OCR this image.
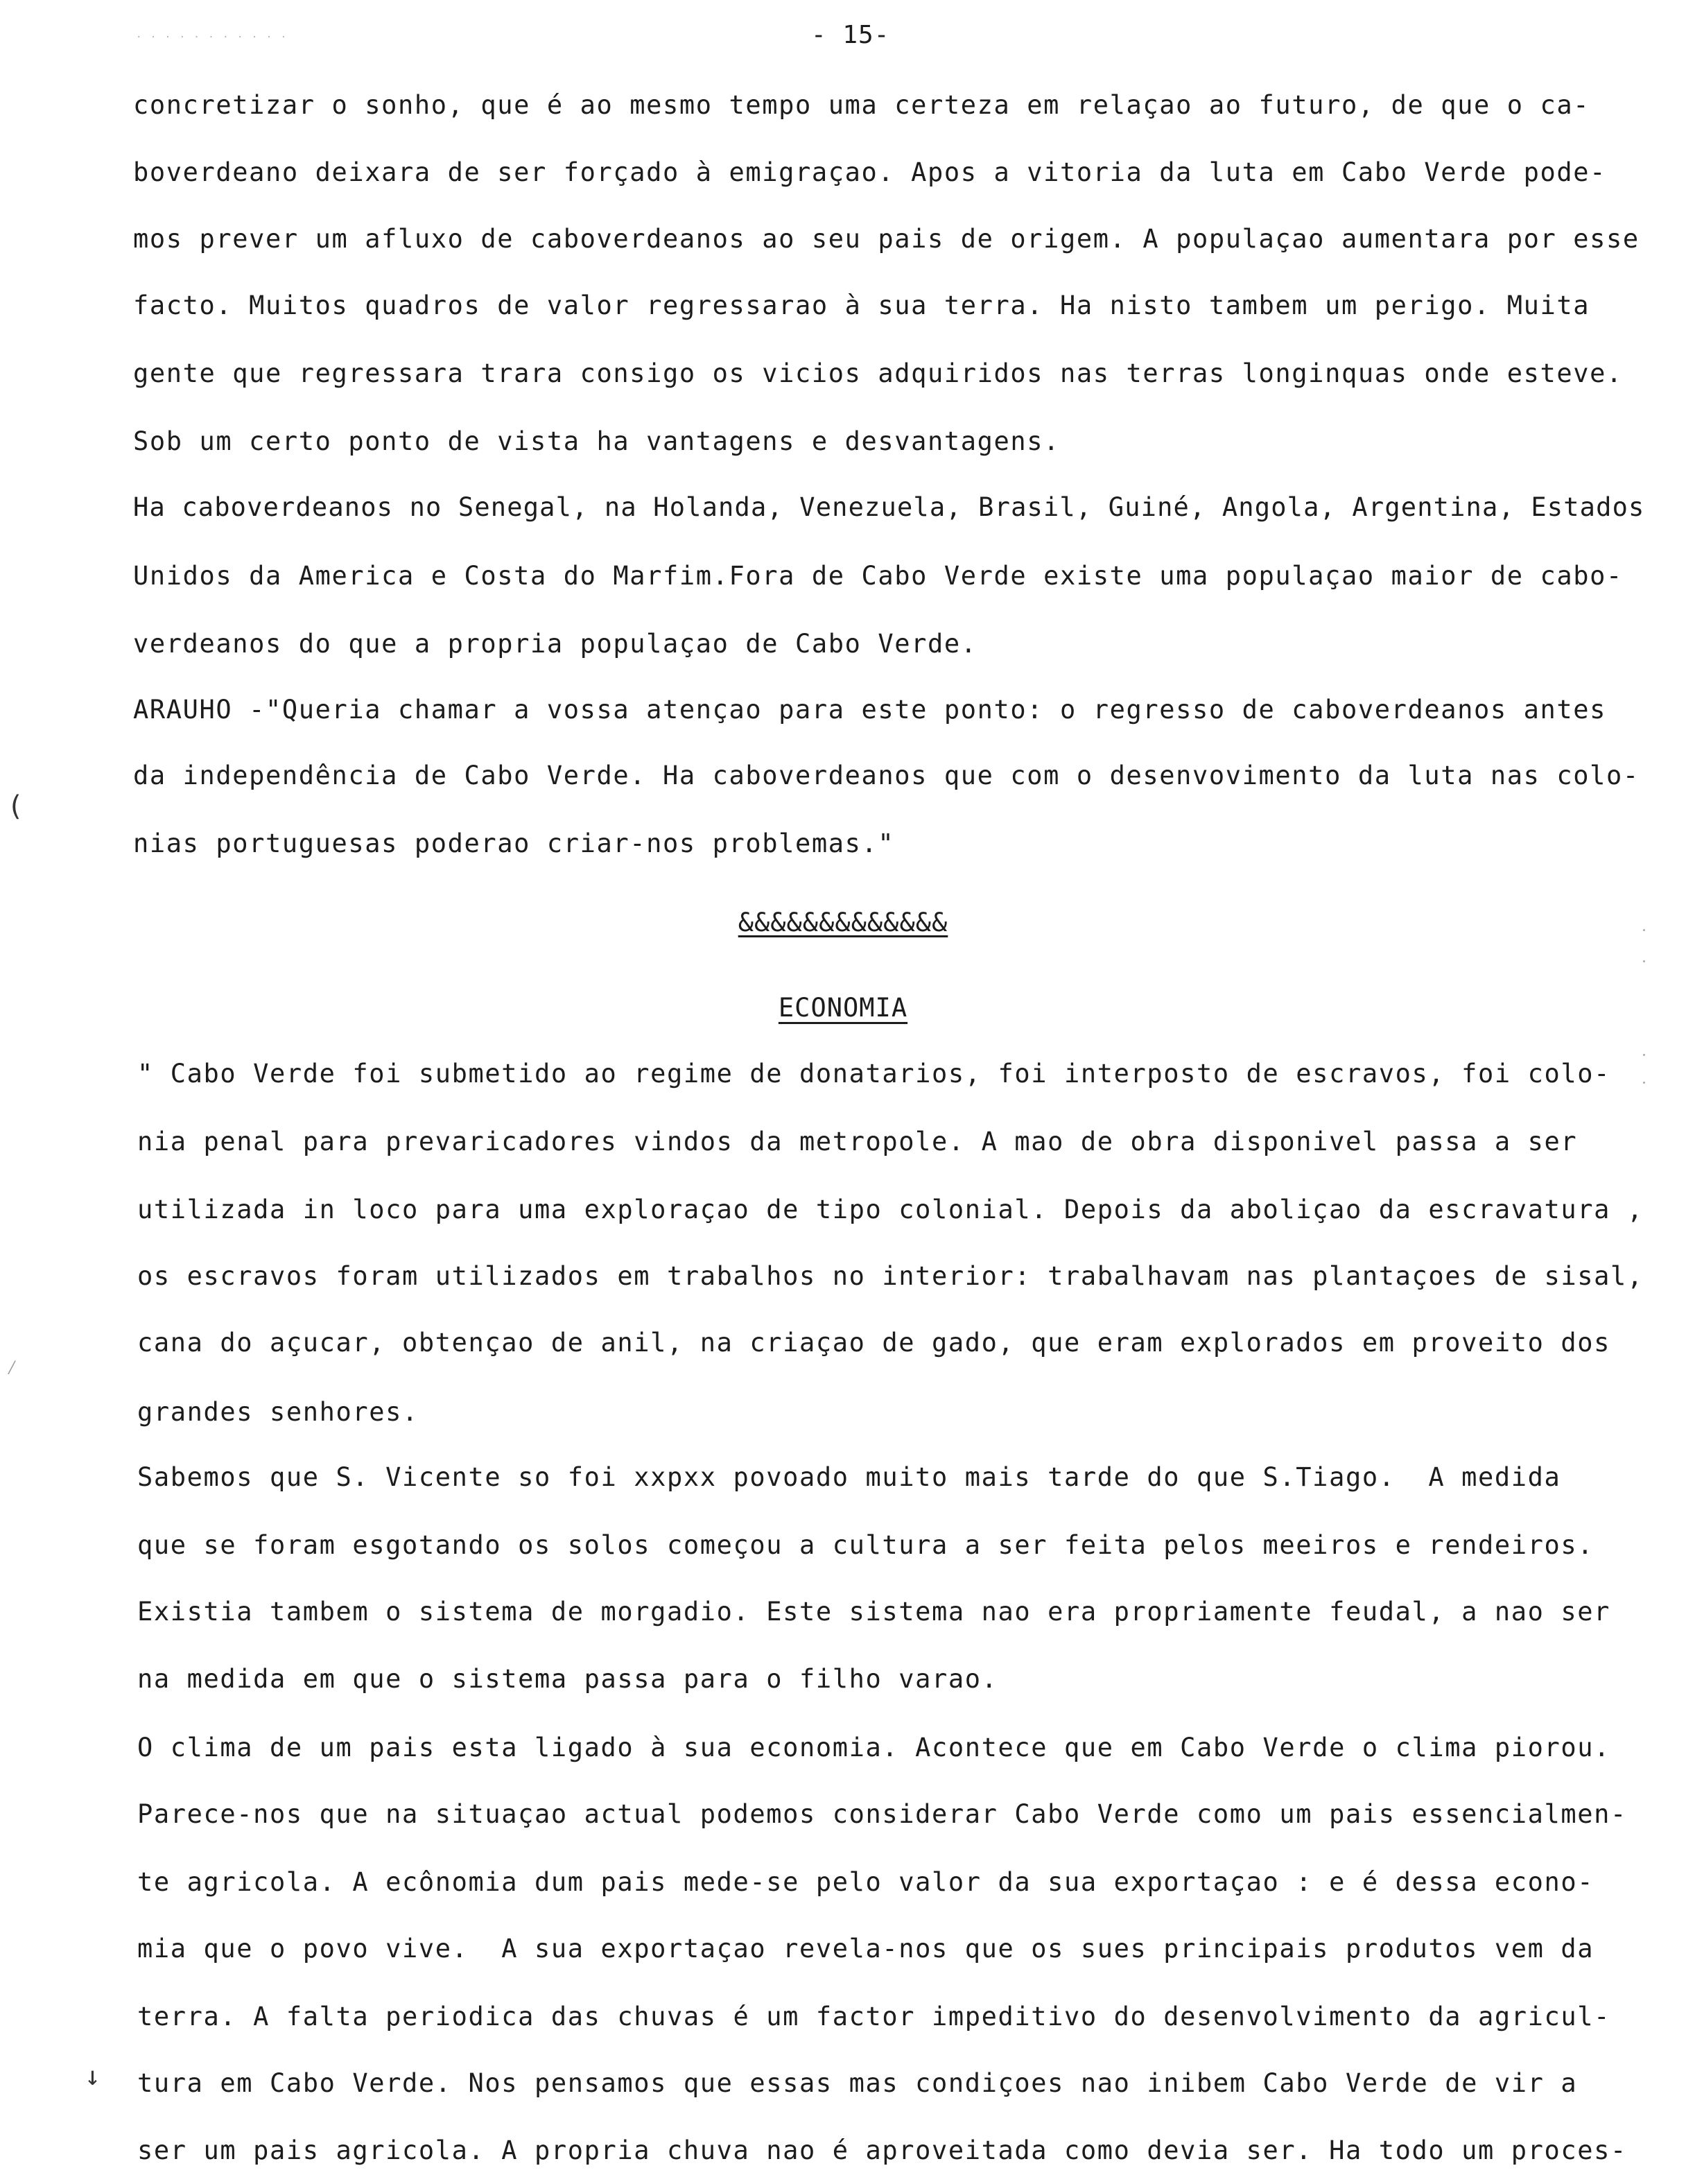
· · · · · · · · · · ·	- 15-
(
⁄
↓
concretizar o sonho, que é ao mesmo tempo uma certeza em relaçao ao futuro, de que o ca-
boverdeano deixara de ser forçado à emigraçao. Apos a vitoria da luta em Cabo Verde pode-
mos prever um afluxo de caboverdeanos ao seu pais de origem. A populaçao aumentara por esse
facto. Muitos quadros de valor regressarao à sua terra. Ha nisto tambem um perigo. Muita
gente que regressara trara consigo os vicios adquiridos nas terras longinquas onde esteve.
Sob um certo ponto de vista ha vantagens e desvantagens.
Ha caboverdeanos no Senegal, na Holanda, Venezuela, Brasil, Guiné, Angola, Argentina, Estados
Unidos da America e Costa do Marfim.Fora de Cabo Verde existe uma populaçao maior de cabo-
verdeanos do que a propria populaçao de Cabo Verde.
ARAUHO -"Queria chamar a vossa atençao para este ponto: o regresso de caboverdeanos antes
da independência de Cabo Verde. Ha caboverdeanos que com o desenvovimento da luta nas colo-
nias portuguesas poderao criar-nos problemas."
&&&&&&&&&&&&&
ECONOMIA
" Cabo Verde foi submetido ao regime de donatarios, foi interposto de escravos, foi colo-
nia penal para prevaricadores vindos da metropole. A mao de obra disponivel passa a ser
utilizada in loco para uma exploraçao de tipo colonial. Depois da aboliçao da escravatura ,
os escravos foram utilizados em trabalhos no interior: trabalhavam nas plantaçoes de sisal,
cana do açucar, obtençao de anil, na criaçao de gado, que eram explorados em proveito dos
grandes senhores.
Sabemos que S. Vicente so foi xxpxx povoado muito mais tarde do que S.Tiago.  A medida
que se foram esgotando os solos começou a cultura a ser feita pelos meeiros e rendeiros.
Existia tambem o sistema de morgadio. Este sistema nao era propriamente feudal, a nao ser
na medida em que o sistema passa para o filho varao.
O clima de um pais esta ligado à sua economia. Acontece que em Cabo Verde o clima piorou.
Parece-nos que na situaçao actual podemos considerar Cabo Verde como um pais essencialmen-
te agricola. A ecônomia dum pais mede-se pelo valor da sua exportaçao : e é dessa econo-
mia que o povo vive.  A sua exportaçao revela-nos que os sues principais produtos vem da
terra. A falta periodica das chuvas é um factor impeditivo do desenvolvimento da agricul-
tura em Cabo Verde. Nos pensamos que essas mas condiçoes nao inibem Cabo Verde de vir a
ser um pais agricola. A propria chuva nao é aproveitada como devia ser. Ha todo um proces-
